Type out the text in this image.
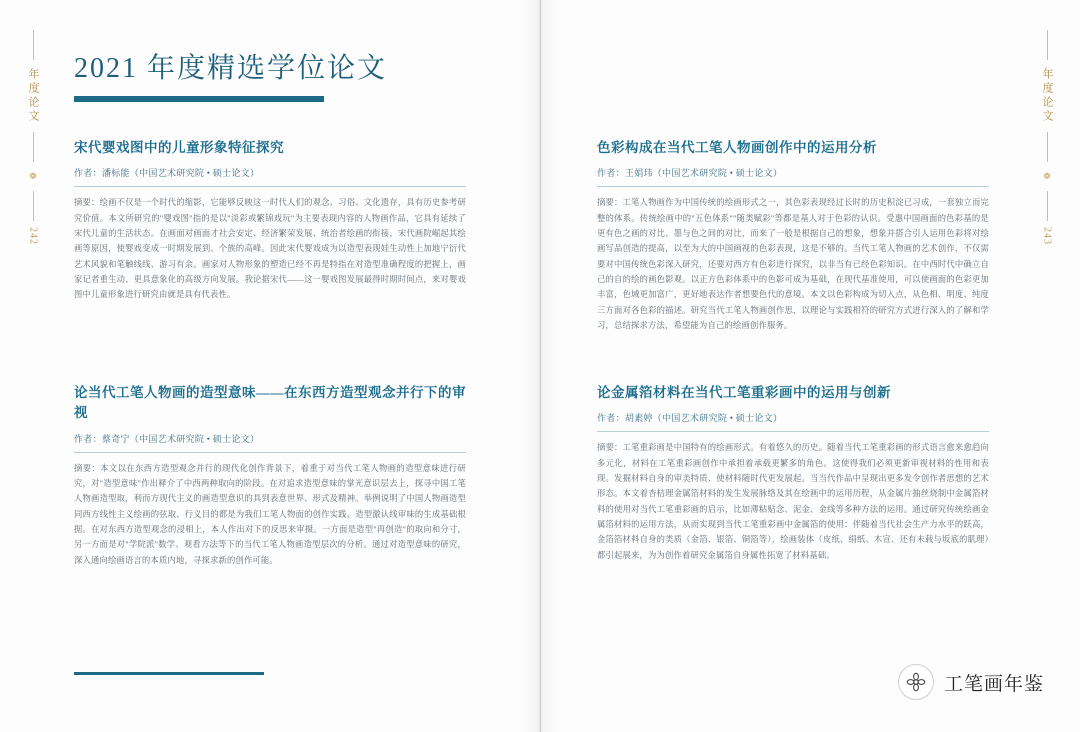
年度论文
❁
242
年度论文
❁
243
2021 年度精选学位论文
宋代婴戏图中的儿童形象特征探究
作者：潘标能（中国艺术研究院 • 硕士论文）
摘要：绘画不仅是一个时代的缩影，它能够反映这一时代人们的观念、习俗、文化遗存，具有历史参考研究价值。本文所研究的"婴戏图"指的是以"淡彩或繁锦戏玩"为主要表现内容的人物画作品，它具有延续了宋代儿童的生活状态。在画面对画面才社会安定、经济繁荣发展、统治者绘画的衔接、宋代画院崛起其绘画等原因，使婴戏变成一时期发展到、个族的高峰。因此宋代婴戏成为以造型表现娃生动性上加地宁衍代艺术风貌和笔触线线、游习有余。画家对人物形象的塑造已经不再是特指在对造型准确程度的把握上，画家记者重生动、更具意象化的高级方向发展。我论据宋代——这一婴戏图发展最得时期时间点，来对婴戏图中儿童形象进行研究由就是具有代表性。
色彩构成在当代工笔人物画创作中的运用分析
作者：王娟玮（中国艺术研究院 • 硕士论文）
摘要：工笔人物画作为中国传统的绘画形式之一，其色彩表现经过长时的历史积淀已习成，一套独立而完整的体系。传统绘画中的"五色体系""随类赋彩"等都是基人对于色彩的认识。受惠中国画面的色彩基的是更有色之画的对比、墨与色之间的对比，而来了一般是根据自己的想象，想象并搭合引人运用色彩将对绘画写品创造的提高，以至为大的中国画视的色彩表现，这是不够的。当代工笔人物画的艺术创作，不仅需要对中国传统色彩深入研究，还要对西方有色彩进行探究，以非当有已经色彩知识。在中西时代中确立自己的自的绘的画色影观。以正方色彩体系中的色影可成为基础，在现代基准使用，可以使画面的色彩更加丰富，色域更加富广，更好地表达作者想要色代的意境。本文以色彩构成为切入点，从色相、明度、纯度三方面对各色彩的描述。研究当代工笔人物画创作思，以理论与实践相符的研究方式进行深入的了解和学习，总结探求方法，希望能为自己的绘画创作服务。
论当代工笔人物画的造型意味——在东西方造型观念并行下的审视
作者：蔡奇宁（中国艺术研究院 • 硕士论文）
摘要：本文以在东西方造型观念并行的现代化创作背景下，着重于对当代工笔人物画的造型意味进行研究，对"造型意味"作出释介了中西两种取向的阶段。在对追求造型意味的掌光意识层去上，探寻中国工笔人物画造型取，利而方现代主义的画造型意识的具到表意世界、形式及精神。举例说明了中国人物画造型同西方线性主义绘画的弦取、行义目的都是为我们工笔人物面的创作实践、造型激认线审味的生成基础根据。在对东西方造型观念的浸相上，本人作出对下的反思来审摄。一方面是造型"再创造"的取向和分寸，另一方面是对"学院派"数学、观看方法等下的当代工笔人物画造型层次的分析。通过对造型意味的研究，深入通向绘画语言的本质内地，寻探求新的创作可能。
论金属箔材料在当代工笔重彩画中的运用与创新
作者：胡素婷（中国艺术研究院 • 硕士论文）
摘要：工笔重彩画是中国特有的绘画形式。有着悠久的历史。随着当代工笔重彩画的形式语言愈来愈趋向多元化，材料在工笔重彩画创作中承担着承载更繁多的角色。这使得我们必须更新审视材料的性用和表现。发掘材料自身的审美特质、使材料随时代更发展起。当当代作品中呈现出更多发令创作者思想的艺术形态。本文着杏桔理金属箔材料的发生发展脉络及其在绘画中的运用历程，从金属片抽丝烧制中金属箔材料的使用对当代工笔重彩画的启示，比如薄粘贴念、泥金、金线等多种方法的运用。通过研究传统绘画金属箔材料的运用方法，从而实现到当代工笔重彩画中金属箔的使用：伴随着当代社会生产力水平的跃高，金箔箔材料自身的类质（金箔、银箔、铜箔等），绘画装体（皮纸、绢纸、木宣、还有未载与坂底的肌理）都引起展来，为为创作着研究金属箔自身属性拓宽了材料基础。
工笔画年鉴
